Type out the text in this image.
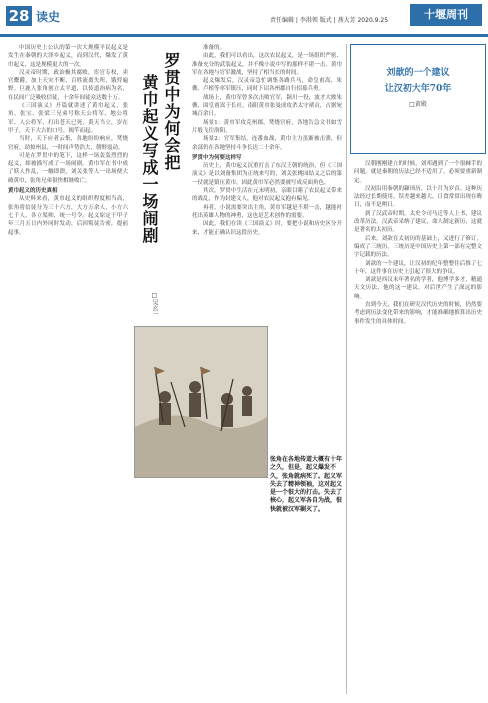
28 读史	责任编辑 | 李洪领 版式 | 燕大芳 2020.9.25	十堰周刊

中国历史上公认的第一次大规模平民起义是发生在秦朝的大泽乡起义，而到汉代，爆发了黄巾起义，这是规模更大的一次。

汉灵帝时期，政治极其腐败，宦官专权，卖官鬻爵，加上天灾不断，百姓流离失所，饿殍遍野。巨鹿人张角创立太平道，以传道治病为名，在民间广泛吸收信徒，十余年间徒众达数十万。

《三国演义》开篇就讲述了黄巾起义，张角、张宝、张梁三兄弟号称天公将军、地公将军、人公将军，打出苍天已死，黄天当立，岁在甲子，天下大吉的口号，揭竿而起。

当时，天下应者云集，各地纷纷响应，焚烧官府，劫掠州县，一时间声势浩大，朝野震动。

可是在罗贯中的笔下，这样一场轰轰烈烈的起义，却被描写成了一场闹剧。黄巾军在书中成了妖人作乱，一触即溃，刘关张等人一出场便大破黄巾，张角兄弟很快相继败亡。

黄巾起义的历史真相

从史料来看，黄巾起义的组织程度相当高，张角将信徒分为三十六方，大方万余人，小方六七千人，各立渠帅，统一号令。起义原定于甲子年三月五日内外同时发动，后因叛徒告密，提前起事。

罗贯中为何会把
黄巾起义写成一场闹剧
□吴玄一

准备的。

由此，我们可以看出，这次农民起义，是一场组织严密、准备充分的武装起义，并不像小说中写的那样不堪一击。黄巾军在各地与官军激战，坚持了相当长的时间。

起义爆发后，汉灵帝急忙调集各路兵马，命皇甫嵩、朱儁、卢植等率军镇压，同时下诏各州郡自行招募兵勇。

战场上，黄巾军曾多次击败官军，颍川一役，波才大败朱儁，围皇甫嵩于长社。南阳黄巾张曼成攻杀太守褚贡，占据宛城百余日。

场景1：黄巾军攻克州郡，焚烧官府，各地告急文书如雪片般飞往洛阳。

场景2：官军集结，连番血战，黄巾主力虽渐被击溃，但余部仍在各地坚持斗争长达二十余年。

罗贯中为何要这样写

历史上，黄巾起义沉重打击了东汉王朝的统治，但《三国演义》是以刘备集团为正统来写的，刘关张桃园结义之后的第一仗就是镇压黄巾，因此黄巾军必然要被写成反面角色。

其次，罗贯中生活在元末明初，亲眼目睹了农民起义带来的战乱，作为封建文人，他对农民起义抱有偏见。

再者，小说需要突出主角，黄巾军越是不堪一击，越能衬托出英雄人物的神勇，这也是艺术创作的需要。

因此，我们在读《三国演义》时，要把小说和历史区分开来，才能正确认识这段历史。

张角在各地传道大概有十年之久，但是，起义爆发不久，张角就病死了。起义军失去了精神领袖，这对起义是一个很大的打击。失去了核心，起义军各自为战，很快就被汉军剿灭了。
刘歆的一个建议
让汉初大年70年
□黄殿

汉朝刚刚建立的时候，刘邦遇到了一个很棘手的问题，就是秦朝的历法已经不适用了，必须要重新制定。

汉初沿用秦朝的颛顼历，以十月为岁首。这种历法经过长期使用，误差越来越大，日食常常出现在晦日，而不是朔日。

到了汉武帝时期，太史令司马迁等人上书，建议改革历法。汉武帝采纳了建议，命人制定新历，这就是著名的太初历。

后来，刘歆在太初历的基础上，又进行了修订，编成了三统历。三统历是中国历史上第一部有完整文字记载的历法。

刘歆的一个建议，让汉初的纪年整整往后推了七十年，这件事在历史上引起了很大的争议。

刘歆是西汉末年著名的学者，他博学多才，精通天文历法，他的这一建议，对后世产生了深远的影响。

直到今天，我们在研究汉代历史的时候，仍然要考虑到历法变化带来的影响，才能准确地推算出历史事件发生的具体时间。
